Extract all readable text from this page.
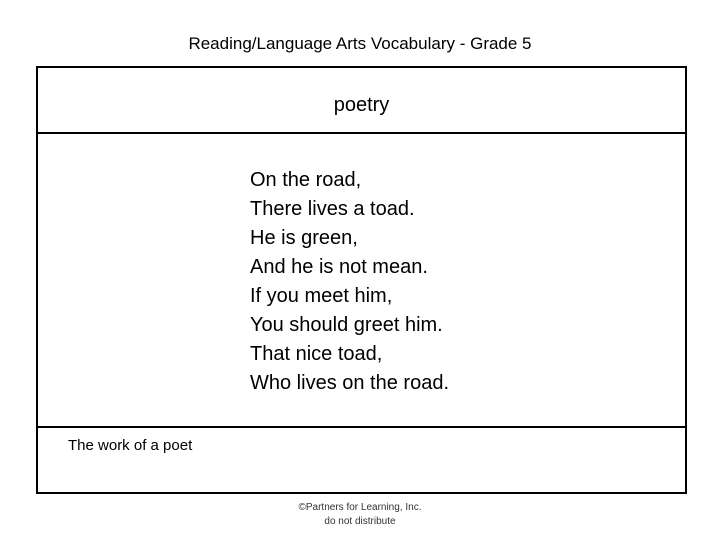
Reading/Language Arts Vocabulary - Grade 5
poetry
On the road,
There lives a toad.
He is green,
And he is not mean.
If you meet him,
You should greet him.
That nice toad,
Who lives on the road.
The work of a poet
©Partners for Learning, Inc.
do not distribute
